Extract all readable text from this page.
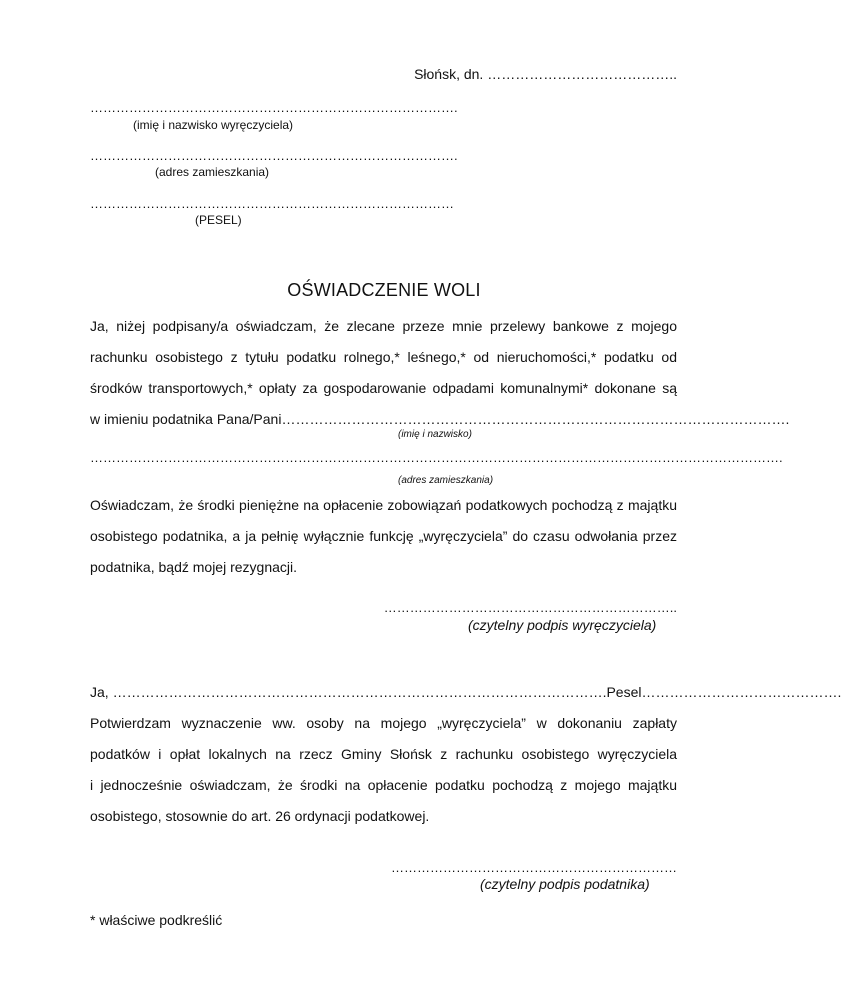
Słońsk, dn. …………………………………..
………………………………………………………………………….
(imię i nazwisko wyręczyciela)
………………………………………………………………………….
(adres zamieszkania)
…………………………………………………………………………
(PESEL)
OŚWIADCZENIE WOLI
Ja, niżej podpisany/a oświadczam, że zlecane przeze mnie przelewy bankowe z mojego
rachunku osobistego z tytułu podatku rolnego,* leśnego,* od nieruchomości,* podatku od
środków transportowych,* opłaty za gospodarowanie odpadami komunalnymi* dokonane są
w imieniu podatnika Pana/Pani……………………………………………………………………………………………….
(imię i nazwisko)
…………………………………………………………………………………………………………………………………………….
(adres zamieszkania)
Oświadczam, że środki pieniężne na opłacenie zobowiązań podatkowych pochodzą z majątku
osobistego podatnika, a ja pełnię wyłącznie funkcję „wyręczyciela” do czasu odwołania przez
podatnika, bądź mojej rezygnacji.
…………………………………………………………..
(czytelny podpis wyręczyciela)
Ja, …………………………………………………………………………………………….Pesel…………………………………….
Potwierdzam wyznaczenie ww. osoby na mojego „wyręczyciela” w dokonaniu zapłaty
podatków i opłat lokalnych na rzecz Gminy Słońsk z rachunku osobistego wyręczyciela
i jednocześnie oświadczam, że środki na opłacenie podatku pochodzą z mojego majątku
osobistego, stosownie do art. 26 ordynacji podatkowej.
…………………………………………………………
(czytelny podpis podatnika)
* właściwe podkreślić
